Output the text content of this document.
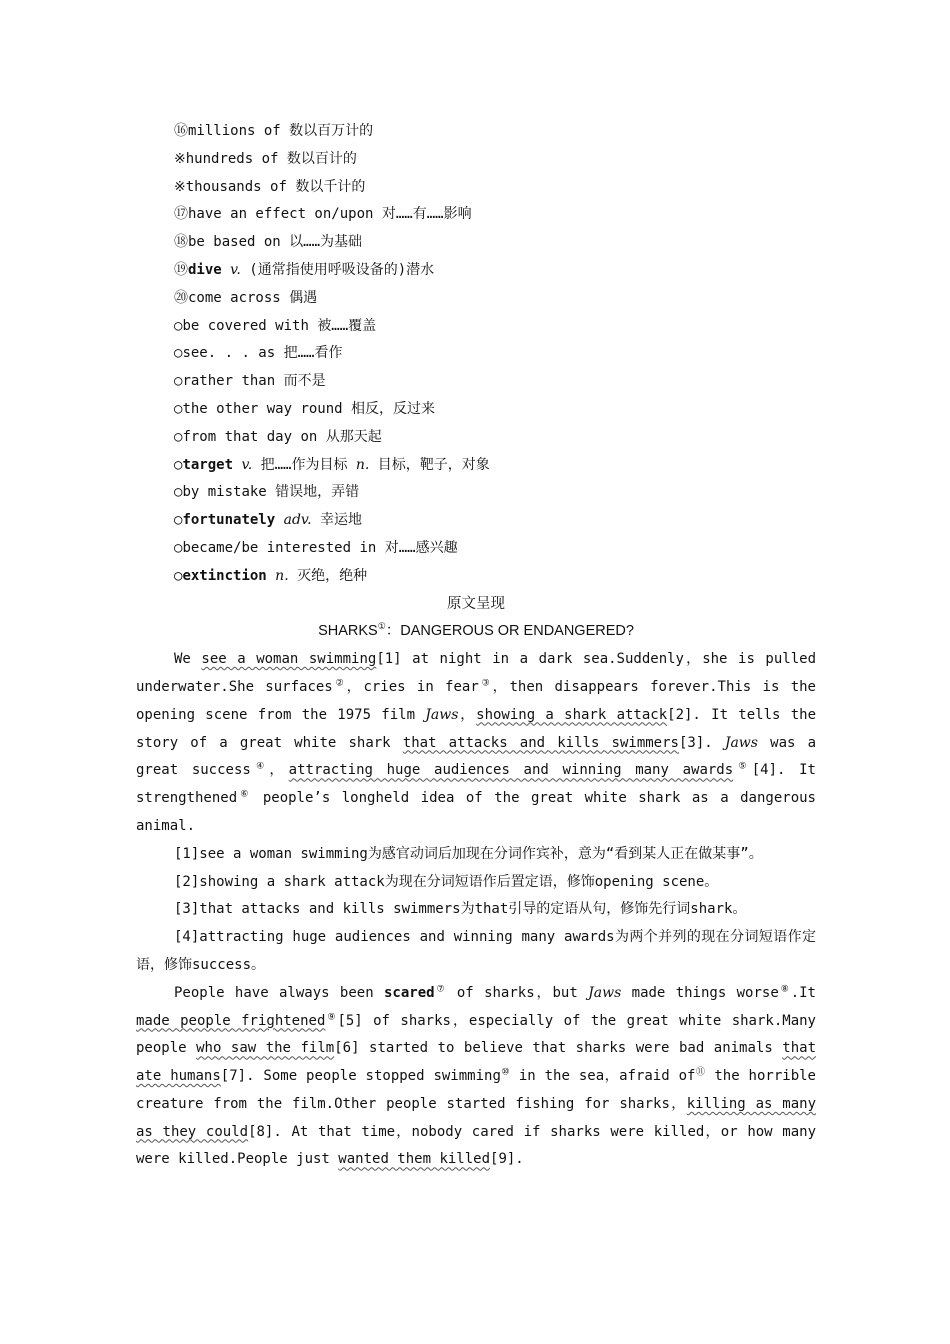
⑯millions of 数以百万计的
※hundreds of 数以百计的
※thousands of 数以千计的
⑰have an effect on/upon 对……有……影响
⑱be based on 以……为基础
⑲dive v. (通常指使用呼吸设备的)潜水
⑳come across 偶遇
○be covered with 被……覆盖
○see. . . as 把……看作
○rather than 而不是
○the other way round 相反，反过来
○from that day on 从那天起
○target v. 把……作为目标 n. 目标，靶子，对象
○by mistake 错误地，弄错
○fortunately adv. 幸运地
○became/be interested in 对……感兴趣
○extinction n. 灭绝，绝种
原文呈现
SHARKS①：DANGEROUS OR ENDANGERED?
We see a woman swimming[1] at night in a dark sea.Suddenly，she is pulled underwater.She surfaces②，cries in fear③，then disappears forever.This is the opening scene from the 1975 film Jaws，showing a shark attack[2]. It tells the story of a great white shark that attacks and kills swimmers[3]. Jaws was a great success④，attracting huge audiences and winning many awards⑤[4]. It strengthened⑥ people’s longheld idea of the great white shark as a dangerous animal.
[1]see a woman swimming为感官动词后加现在分词作宾补，意为“看到某人正在做某事”。
[2]showing a shark attack为现在分词短语作后置定语，修饰opening scene。
[3]that attacks and kills swimmers为that引导的定语从句，修饰先行词shark。
[4]attracting huge audiences and winning many awards为两个并列的现在分词短语作定语，修饰success。
People have always been scared⑦ of sharks，but Jaws made things worse⑧.It made people frightened⑨[5] of sharks，especially of the great white shark.Many people who saw the film[6] started to believe that sharks were bad animals that ate humans[7]. Some people stopped swimming⑩ in the sea，afraid of⑪ the horrible creature from the film.Other people started fishing for sharks，killing as many as they could[8]. At that time，nobody cared if sharks were killed，or how many were killed.People just wanted them killed[9].
